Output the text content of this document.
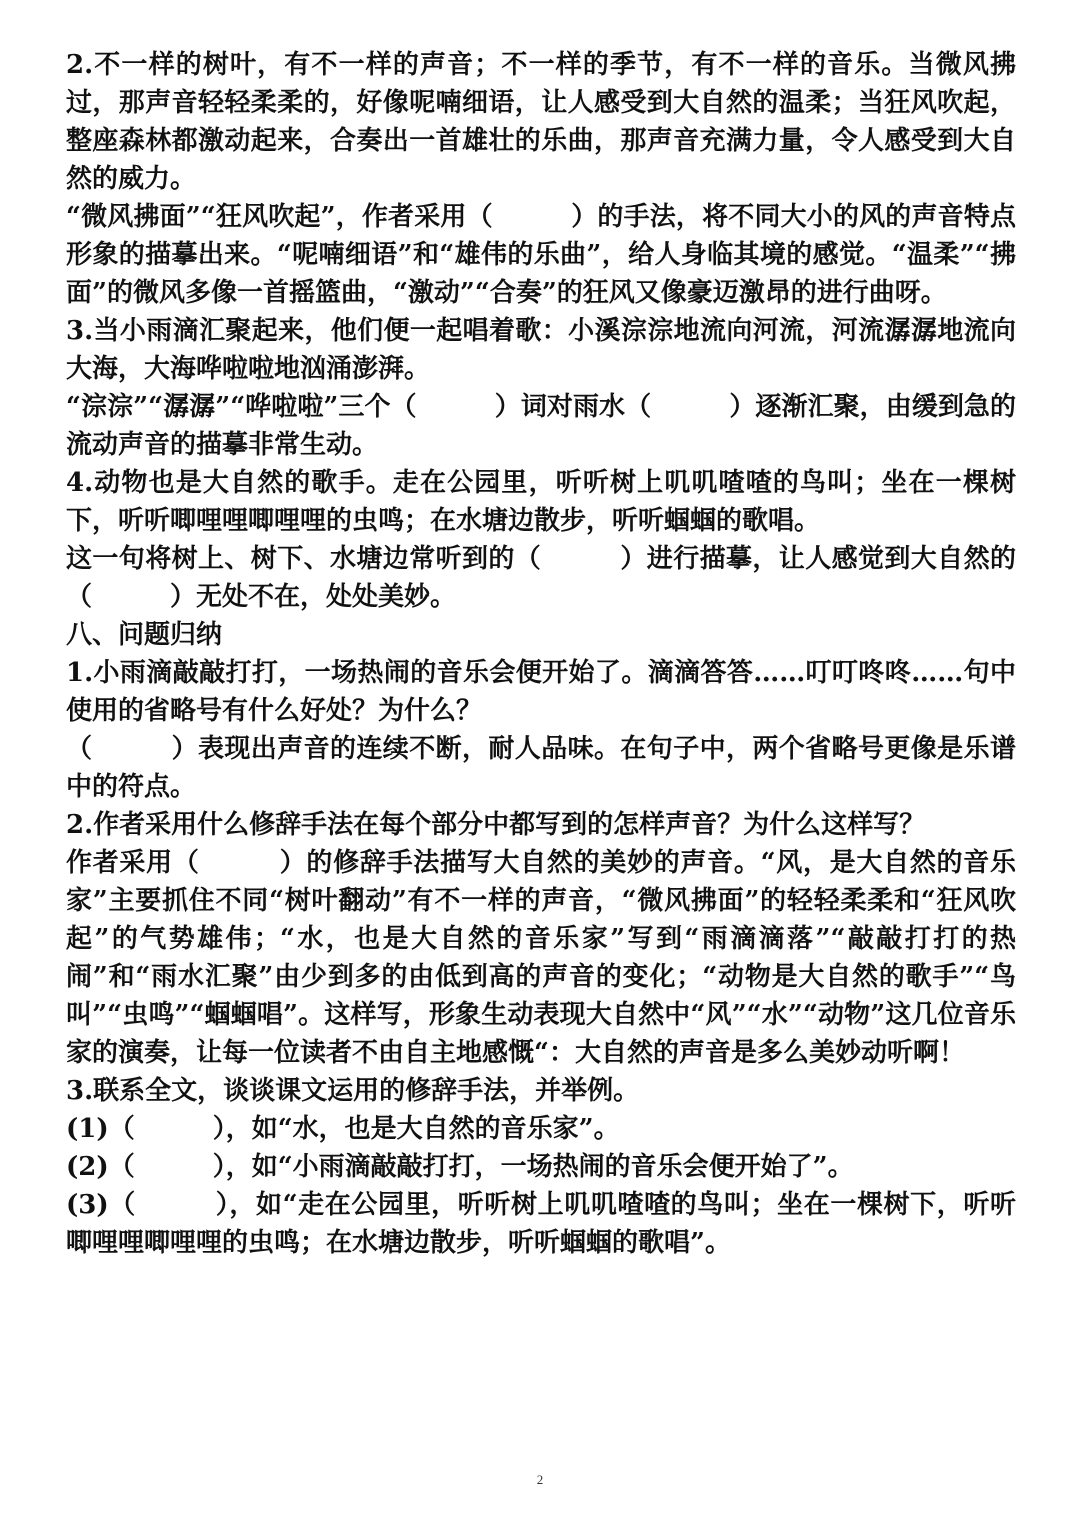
2.不一样的树叶，有不一样的声音；不一样的季节，有不一样的音乐。当微风拂过，那声音轻轻柔柔的，好像呢喃细语，让人感受到大自然的温柔；当狂风吹起，整座森林都激动起来，合奏出一首雄壮的乐曲，那声音充满力量，令人感受到大自然的威力。

“微风拂面”“狂风吹起”，作者采用（　　　）的手法，将不同大小的风的声音特点形象的描摹出来。“呢喃细语”和“雄伟的乐曲”，给人身临其境的感觉。“温柔”“拂面”的微风多像一首摇篮曲，“激动”“合奏”的狂风又像豪迈激昂的进行曲呀。

3.当小雨滴汇聚起来，他们便一起唱着歌：小溪淙淙地流向河流，河流潺潺地流向大海，大海哗啦啦地汹涌澎湃。

“淙淙”“潺潺”“哗啦啦”三个（　　　）词对雨水（　　　）逐渐汇聚，由缓到急的流动声音的描摹非常生动。

4.动物也是大自然的歌手。走在公园里，听听树上叽叽喳喳的鸟叫；坐在一棵树下，听听唧哩哩唧哩哩的虫鸣；在水塘边散步，听听蝈蝈的歌唱。

这一句将树上、树下、水塘边常听到的（　　　）进行描摹，让人感觉到大自然的（　　　）无处不在，处处美妙。

八、问题归纳

1.小雨滴敲敲打打，一场热闹的音乐会便开始了。滴滴答答……叮叮咚咚……句中使用的省略号有什么好处？为什么？

（　　　）表现出声音的连续不断，耐人品味。在句子中，两个省略号更像是乐谱中的符点。

2.作者采用什么修辞手法在每个部分中都写到的怎样声音？为什么这样写？

作者采用（　　　）的修辞手法描写大自然的美妙的声音。“风，是大自然的音乐家”主要抓住不同“树叶翻动”有不一样的声音，“微风拂面”的轻轻柔柔和“狂风吹起”的气势雄伟；“水，也是大自然的音乐家”写到“雨滴滴落”“敲敲打打的热闹”和“雨水汇聚”由少到多的由低到高的声音的变化；“动物是大自然的歌手”“鸟叫”“虫鸣”“蝈蝈唱”。这样写，形象生动表现大自然中“风”“水”“动物”这几位音乐家的演奏，让每一位读者不由自主地感慨“：大自然的声音是多么美妙动听啊！

3.联系全文，谈谈课文运用的修辞手法，并举例。

(1)（　　　），如“水，也是大自然的音乐家”。

(2)（　　　），如“小雨滴敲敲打打，一场热闹的音乐会便开始了”。

(3)（　　　），如“走在公园里，听听树上叽叽喳喳的鸟叫；坐在一棵树下，听听唧哩哩唧哩哩的虫鸣；在水塘边散步，听听蝈蝈的歌唱”。

2
